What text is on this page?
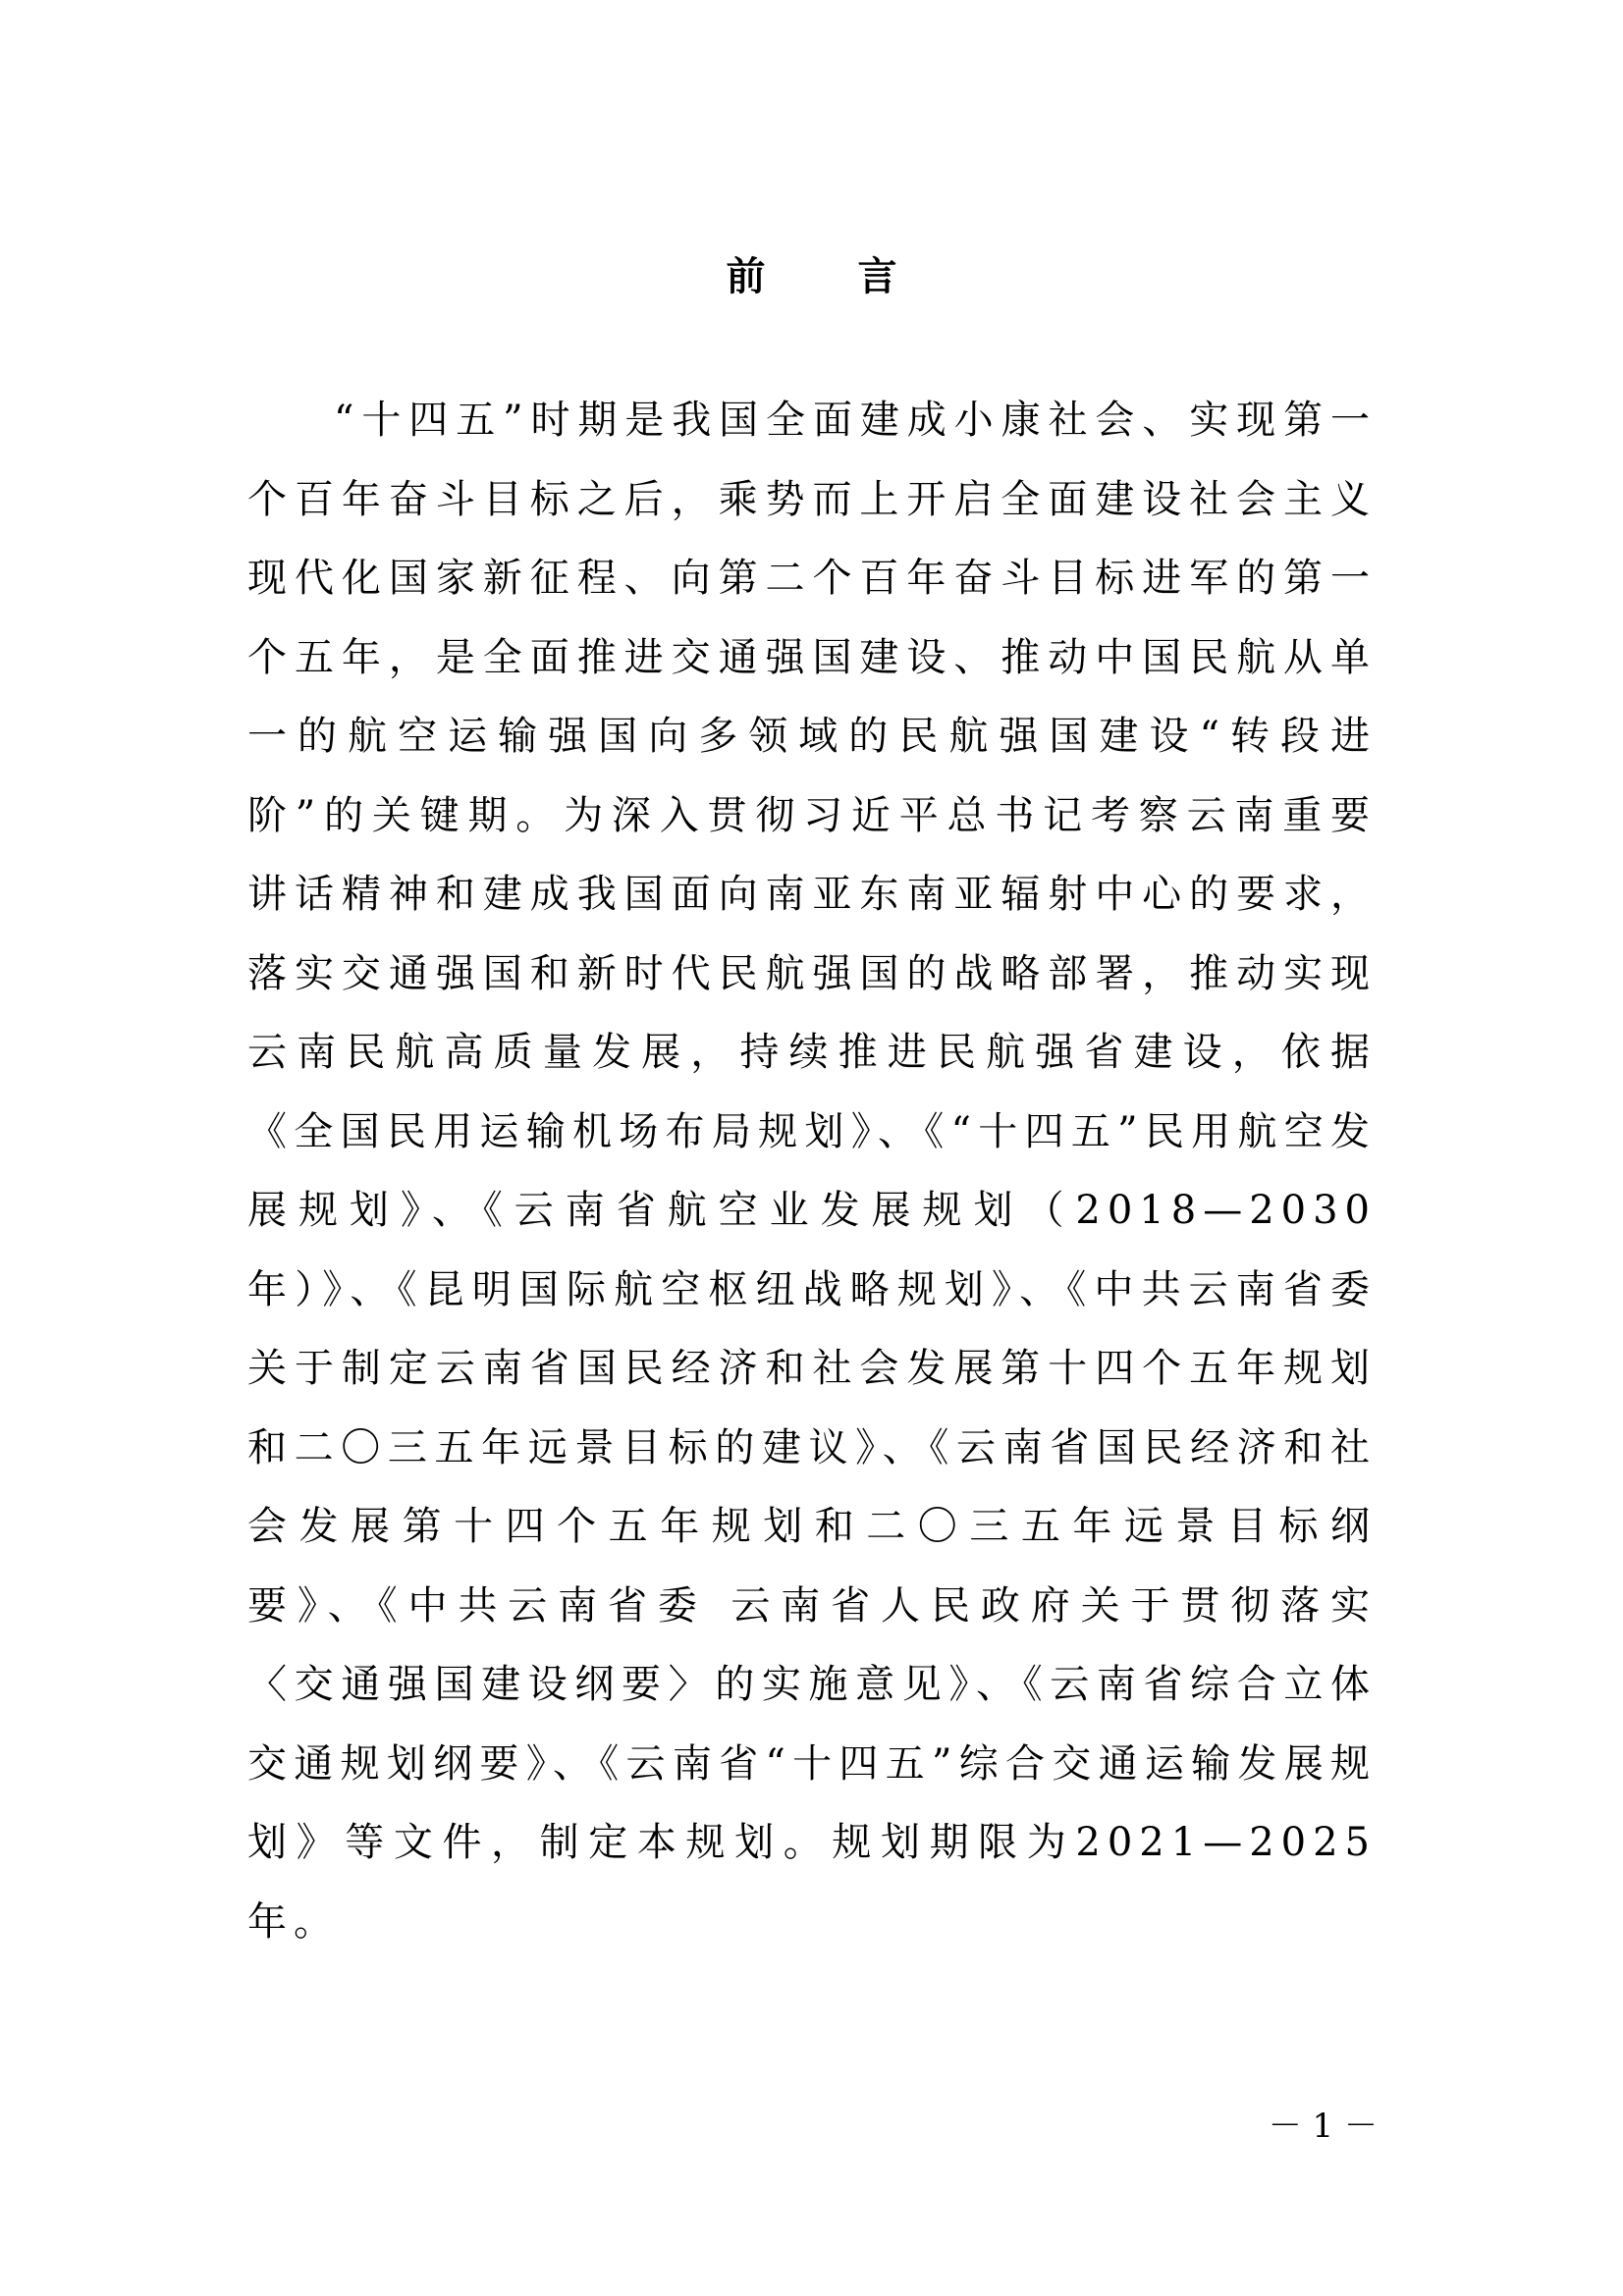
前 言

“十四五”时期是我国全面建成小康社会、实现第一个百年奋斗目标之后，乘势而上开启全面建设社会主义现代化国家新征程、向第二个百年奋斗目标进军的第一个五年，是全面推进交通强国建设、推动中国民航从单一的航空运输强国向多领域的民航强国建设“转段进阶”的关键期。为深入贯彻习近平总书记考察云南重要讲话精神和建成我国面向南亚东南亚辐射中心的要求，落实交通强国和新时代民航强国的战略部署，推动实现云南民航高质量发展，持续推进民航强省建设，依据《全国民用运输机场布局规划》、《“十四五”民用航空发展规划》、《云南省航空业发展规划（2018—2030年）》、《昆明国际航空枢纽战略规划》、《中共云南省委关于制定云南省国民经济和社会发展第十四个五年规划和二〇三五年远景目标的建议》、《云南省国民经济和社会发展第十四个五年规划和二〇三五年远景目标纲要》、《中共云南省委 云南省人民政府关于贯彻落实〈交通强国建设纲要〉的实施意见》、《云南省综合立体交通规划纲要》、《云南省“十四五”综合交通运输发展规划》等文件，制定本规划。规划期限为2021—2025年。

－ 1 －
